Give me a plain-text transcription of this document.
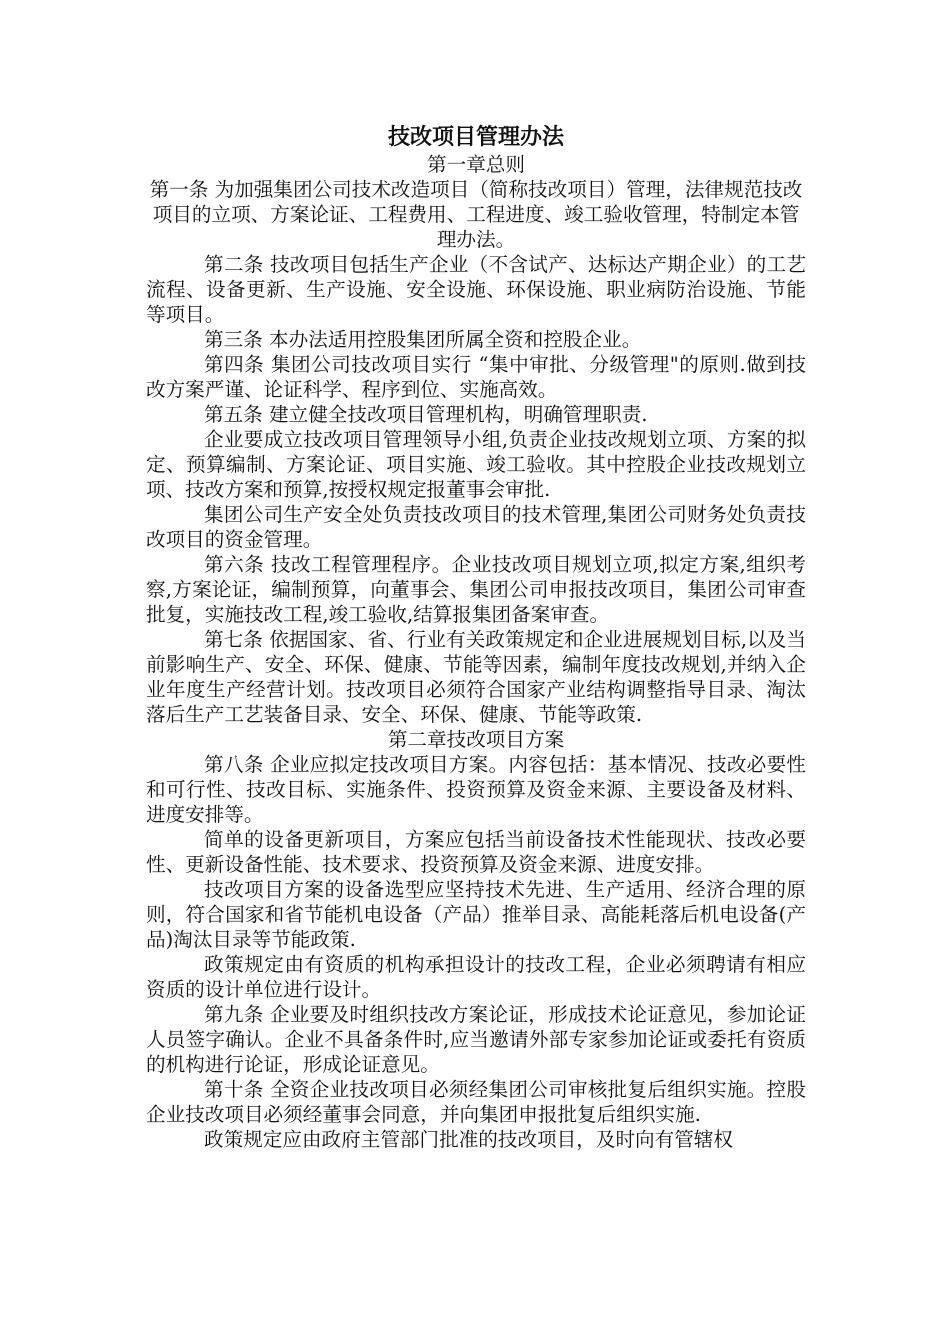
技改项目管理办法

第一章总则

第一条 为加强集团公司技术改造项目（简称技改项目）管理，法律规范技改项目的立项、方案论证、工程费用、工程进度、竣工验收管理，特制定本管理办法。

第二条 技改项目包括生产企业（不含试产、达标达产期企业）的工艺流程、设备更新、生产设施、安全设施、环保设施、职业病防治设施、节能等项目。

第三条 本办法适用控股集团所属全资和控股企业。

第四条 集团公司技改项目实行 “集中审批、分级管理"的原则.做到技改方案严谨、论证科学、程序到位、实施高效。

第五条 建立健全技改项目管理机构，明确管理职责.

企业要成立技改项目管理领导小组,负责企业技改规划立项、方案的拟定、预算编制、方案论证、项目实施、竣工验收。其中控股企业技改规划立项、技改方案和预算,按授权规定报董事会审批.

集团公司生产安全处负责技改项目的技术管理,集团公司财务处负责技改项目的资金管理。

第六条 技改工程管理程序。企业技改项目规划立项,拟定方案,组织考察,方案论证，编制预算，向董事会、集团公司申报技改项目，集团公司审查批复，实施技改工程,竣工验收,结算报集团备案审查。

第七条 依据国家、省、行业有关政策规定和企业进展规划目标,以及当前影响生产、安全、环保、健康、节能等因素，编制年度技改规划,并纳入企业年度生产经营计划。技改项目必须符合国家产业结构调整指导目录、淘汰落后生产工艺装备目录、安全、环保、健康、节能等政策.

第二章技改项目方案

第八条 企业应拟定技改项目方案。内容包括：基本情况、技改必要性和可行性、技改目标、实施条件、投资预算及资金来源、主要设备及材料、进度安排等。

简单的设备更新项目，方案应包括当前设备技术性能现状、技改必要性、更新设备性能、技术要求、投资预算及资金来源、进度安排。

技改项目方案的设备选型应坚持技术先进、生产适用、经济合理的原则，符合国家和省节能机电设备（产品）推举目录、高能耗落后机电设备(产品)淘汰目录等节能政策.

政策规定由有资质的机构承担设计的技改工程，企业必须聘请有相应资质的设计单位进行设计。

第九条 企业要及时组织技改方案论证，形成技术论证意见，参加论证人员签字确认。企业不具备条件时,应当邀请外部专家参加论证或委托有资质的机构进行论证，形成论证意见。

第十条 全资企业技改项目必须经集团公司审核批复后组织实施。控股企业技改项目必须经董事会同意，并向集团申报批复后组织实施.

政策规定应由政府主管部门批准的技改项目，及时向有管辖权
